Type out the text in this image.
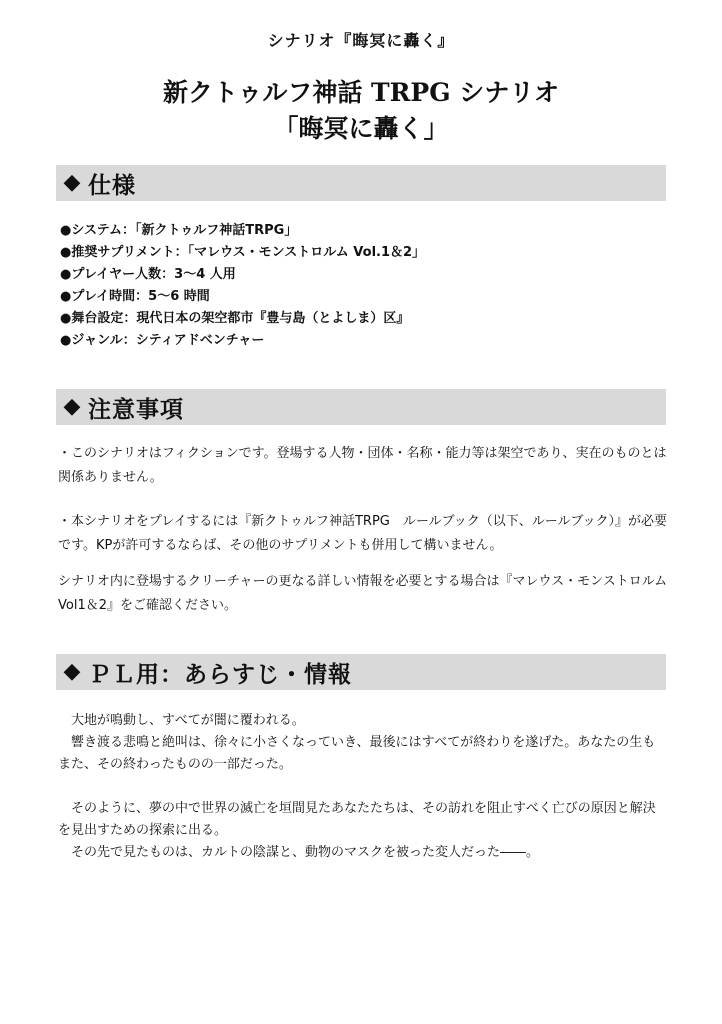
シナリオ『晦冥に轟く』
新クトゥルフ神話 TRPG シナリオ
「晦冥に轟く」
◆ 仕様
●システム：「新クトゥルフ神話TRPG」
●推奨サプリメント：「マレウス・モンストロルム Vol.1＆2」
●プレイヤー人数：3～4 人用
●プレイ時間：5～6 時間
●舞台設定：現代日本の架空都市『豊与島（とよしま）区』
●ジャンル：シティアドベンチャー
◆ 注意事項

・このシナリオはフィクションです。登場する人物・団体・名称・能力等は架空であり、実在のものとは関係ありません。

・本シナリオをプレイするには『新クトゥルフ神話TRPG　ルールブック（以下、ルールブック）』が必要です。KPが許可するならば、その他のサプリメントも併用して構いません。

シナリオ内に登場するクリーチャーの更なる詳しい情報を必要とする場合は『マレウス・モンストロルム Vol1＆2』をご確認ください。

◆ ＰＬ用：あらすじ・情報

　大地が鳴動し、すべてが闇に覆われる。

　響き渡る悲鳴と絶叫は、徐々に小さくなっていき、最後にはすべてが終わりを遂げた。あなたの生もまた、その終わったものの一部だった。

　そのように、夢の中で世界の滅亡を垣間見たあなたたちは、その訪れを阻止すべく亡びの原因と解決を見出すための探索に出る。

　その先で見たものは、カルトの陰謀と、動物のマスクを被った変人だった――。
